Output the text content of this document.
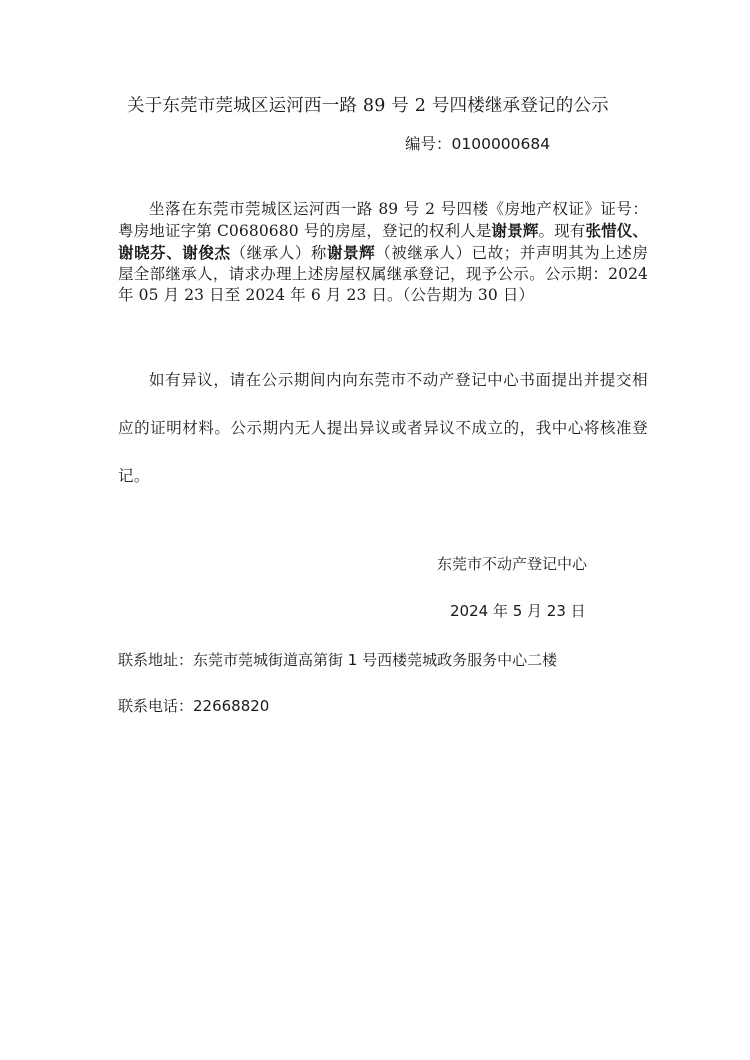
关于东莞市莞城区运河西一路 89 号 2 号四楼继承登记的公示
编号：0100000684
坐落在东莞市莞城区运河西一路 89 号 2 号四楼《房地产权证》证号：粤房地证字第 C0680680 号的房屋，登记的权利人是谢景辉。现有张惜仪、谢晓芬、谢俊杰（继承人）称谢景辉（被继承人）已故；并声明其为上述房屋全部继承人，请求办理上述房屋权属继承登记，现予公示。公示期：2024 年 05 月 23 日至 2024 年 6 月 23 日。（公告期为 30 日）
如有异议，请在公示期间内向东莞市不动产登记中心书面提出并提交相应的证明材料。公示期内无人提出异议或者异议不成立的，我中心将核准登记。
东莞市不动产登记中心
2024 年 5 月 23 日
联系地址：东莞市莞城街道高第街 1 号西楼莞城政务服务中心二楼
联系电话：22668820
